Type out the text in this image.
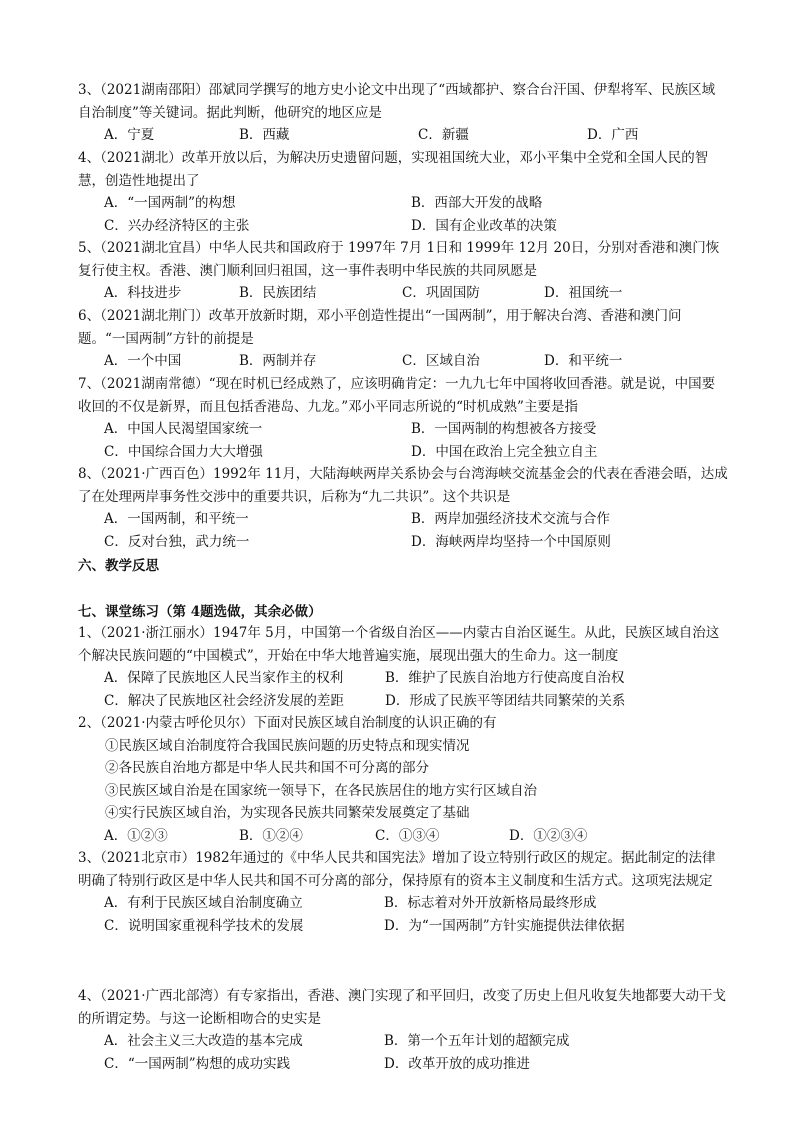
3、（2021湖南邵阳）邵斌同学撰写的地方史小论文中出现了“西域都护、察合台汗国、伊犁将军、民族区域自治制度”等关键词。据此判断，他研究的地区应是
A．宁夏	B．西藏	C．新疆	D．广西
4、（2021湖北）改革开放以后，为解决历史遗留问题，实现祖国统大业，邓小平集中全党和全国人民的智慧，创造性地提出了
A．“一国两制”的构想	B．西部大开发的战略
C．兴办经济特区的主张	D．国有企业改革的决策
5、（2021湖北宜昌）中华人民共和国政府于 1997年 7月 1日和 1999年 12月 20日，分别对香港和澳门恢复行使主权。香港、澳门顺利回归祖国，这一事件表明中华民族的共同夙愿是
A．科技进步	B．民族团结	C．巩固国防	D．祖国统一
6、（2021湖北荆门）改革开放新时期，邓小平创造性提出“一国两制”，用于解决台湾、香港和澳门问题。“一国两制”方针的前提是
A．一个中国	B．两制并存	C．区域自治	D．和平统一
7、（2021湖南常德）“现在时机已经成熟了，应该明确肯定：一九九七年中国将收回香港。就是说，中国要收回的不仅是新界，而且包括香港岛、九龙。”邓小平同志所说的“时机成熟”主要是指
A．中国人民渴望国家统一	B．一国两制的构想被各方接受
C．中国综合国力大大增强	D．中国在政治上完全独立自主
8、（2021·广西百色）1992年 11月，大陆海峡两岸关系协会与台湾海峡交流基金会的代表在香港会晤，达成了在处理两岸事务性交涉中的重要共识，后称为“九二共识”。这个共识是
A．一国两制，和平统一	B．两岸加强经济技术交流与合作
C．反对台独，武力统一	D．海峡两岸均坚持一个中国原则
六、教学反思
七、课堂练习（第 4题选做，其余必做）
1、（2021·浙江丽水）1947年 5月，中国第一个省级自治区——内蒙古自治区诞生。从此，民族区域自治这个解决民族问题的“中国模式”，开始在中华大地普遍实施，展现出强大的生命力。这一制度
A．保障了民族地区人民当家作主的权利	B．维护了民族自治地方行使高度自治权
C．解决了民族地区社会经济发展的差距	D．形成了民族平等团结共同繁荣的关系
2、（2021·内蒙古呼伦贝尔）下面对民族区域自治制度的认识正确的有
①民族区域自治制度符合我国民族问题的历史特点和现实情况
②各民族自治地方都是中华人民共和国不可分离的部分
③民族区域自治是在国家统一领导下，在各民族居住的地方实行区域自治
④实行民族区域自治，为实现各民族共同繁荣发展奠定了基础
A．①②③	B．①②④	C．①③④	D．①②③④
3、（2021北京市）1982年通过的《中华人民共和国宪法》增加了设立特别行政区的规定。据此制定的法律明确了特别行政区是中华人民共和国不可分离的部分，保持原有的资本主义制度和生活方式。这项宪法规定
A．有利于民族区域自治制度确立	B．标志着对外开放新格局最终形成
C．说明国家重视科学技术的发展	D．为“一国两制”方针实施提供法律依据
4、（2021·广西北部湾）有专家指出，香港、澳门实现了和平回归，改变了历史上但凡收复失地都要大动干戈的所谓定势。与这一论断相吻合的史实是
A．社会主义三大改造的基本完成	B．第一个五年计划的超额完成
C．“一国两制”构想的成功实践	D．改革开放的成功推进
